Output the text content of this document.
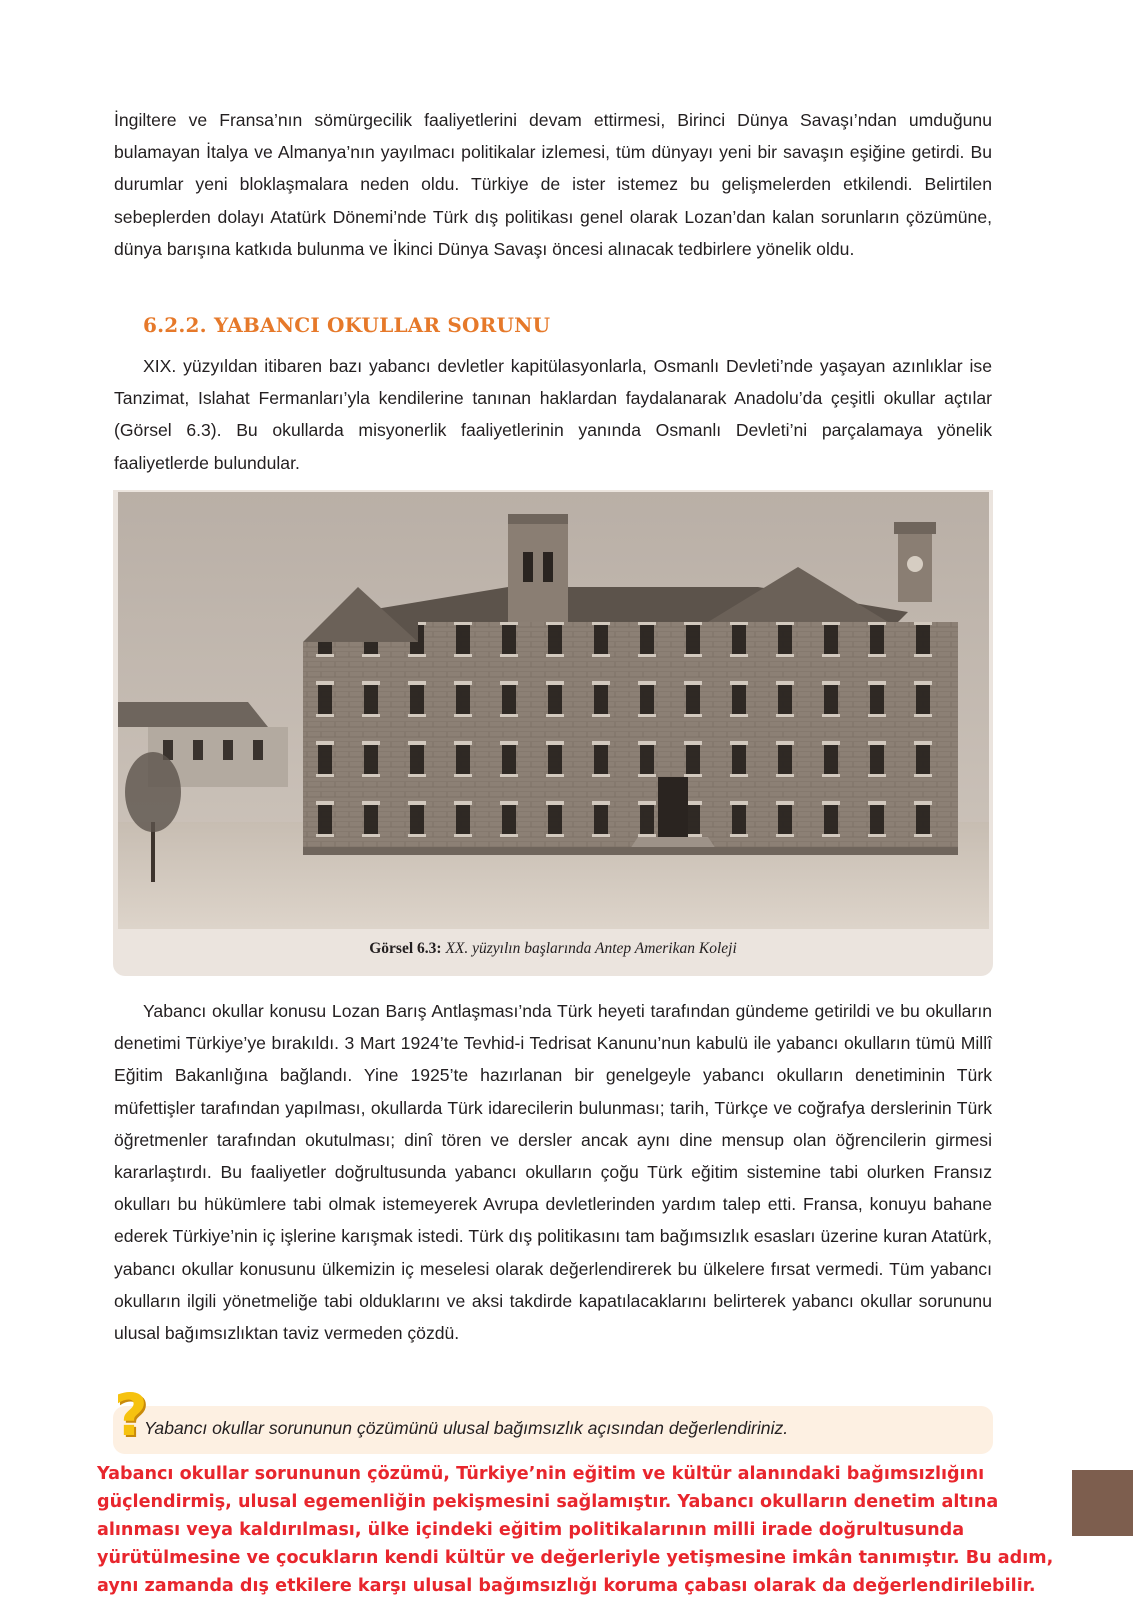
İngiltere ve Fransa’nın sömürgecilik faaliyetlerini devam ettirmesi, Birinci Dünya Savaşı’ndan umduğunu bulamayan İtalya ve Almanya’nın yayılmacı politikalar izlemesi, tüm dünyayı yeni bir savaşın eşiğine getirdi. Bu durumlar yeni bloklaşmalara neden oldu. Türkiye de ister istemez bu gelişmelerden etkilendi. Belirtilen sebeplerden dolayı Atatürk Dönemi’nde Türk dış politikası genel olarak Lozan’dan kalan sorunların çözümüne, dünya barışına katkıda bulunma ve İkinci Dünya Savaşı öncesi alınacak tedbirlere yönelik oldu.

6.2.2. YABANCI OKULLAR SORUNU

XIX. yüzyıldan itibaren bazı yabancı devletler kapitülasyonlarla, Osmanlı Devleti’nde yaşayan azınlıklar ise Tanzimat, Islahat Fermanları’yla kendilerine tanınan haklardan faydalanarak Anadolu’da çeşitli okullar açtılar (Görsel 6.3). Bu okullarda misyonerlik faaliyetlerinin yanında Osmanlı Devleti’ni parçalamaya yönelik faaliyetlerde bulundular.

Görsel 6.3: XX. yüzyılın başlarında Antep Amerikan Koleji

Yabancı okullar konusu Lozan Barış Antlaşması’nda Türk heyeti tarafından gündeme getirildi ve bu okulların denetimi Türkiye’ye bırakıldı. 3 Mart 1924’te Tevhid-i Tedrisat Kanunu’nun kabulü ile yabancı okulların tümü Millî Eğitim Bakanlığına bağlandı. Yine 1925’te hazırlanan bir genelgeyle yabancı okulların denetiminin Türk müfettişler tarafından yapılması, okullarda Türk idarecilerin bulunması; tarih, Türkçe ve coğrafya derslerinin Türk öğretmenler tarafından okutulması; dinî tören ve dersler ancak aynı dine mensup olan öğrencilerin girmesi kararlaştırdı. Bu faaliyetler doğrultusunda yabancı okulların çoğu Türk eğitim sistemine tabi olurken Fransız okulları bu hükümlere tabi olmak istemeyerek Avrupa devletlerinden yardım talep etti. Fransa, konuyu bahane ederek Türkiye’nin iç işlerine karışmak istedi. Türk dış politikasını tam bağımsızlık esasları üzerine kuran Atatürk, yabancı okullar konusunu ülkemizin iç meselesi olarak değerlendirerek bu ülkelere fırsat vermedi. Tüm yabancı okulların ilgili yönetmeliğe tabi olduklarını ve aksi takdirde kapatılacaklarını belirterek yabancı okullar sorununu ulusal bağımsızlıktan taviz vermeden çözdü.

?
Yabancı okullar sorununun çözümünü ulusal bağımsızlık açısından değerlendiriniz.

Yabancı okullar sorununun çözümü, Türkiye’nin eğitim ve kültür alanındaki bağımsızlığını güçlendirmiş, ulusal egemenliğin pekişmesini sağlamıştır. Yabancı okulların denetim altına alınması veya kaldırılması, ülke içindeki eğitim politikalarının milli irade doğrultusunda yürütülmesine ve çocukların kendi kültür ve değerleriyle yetişmesine imkân tanımıştır. Bu adım, aynı zamanda dış etkilere karşı ulusal bağımsızlığı koruma çabası olarak da değerlendirilebilir.
